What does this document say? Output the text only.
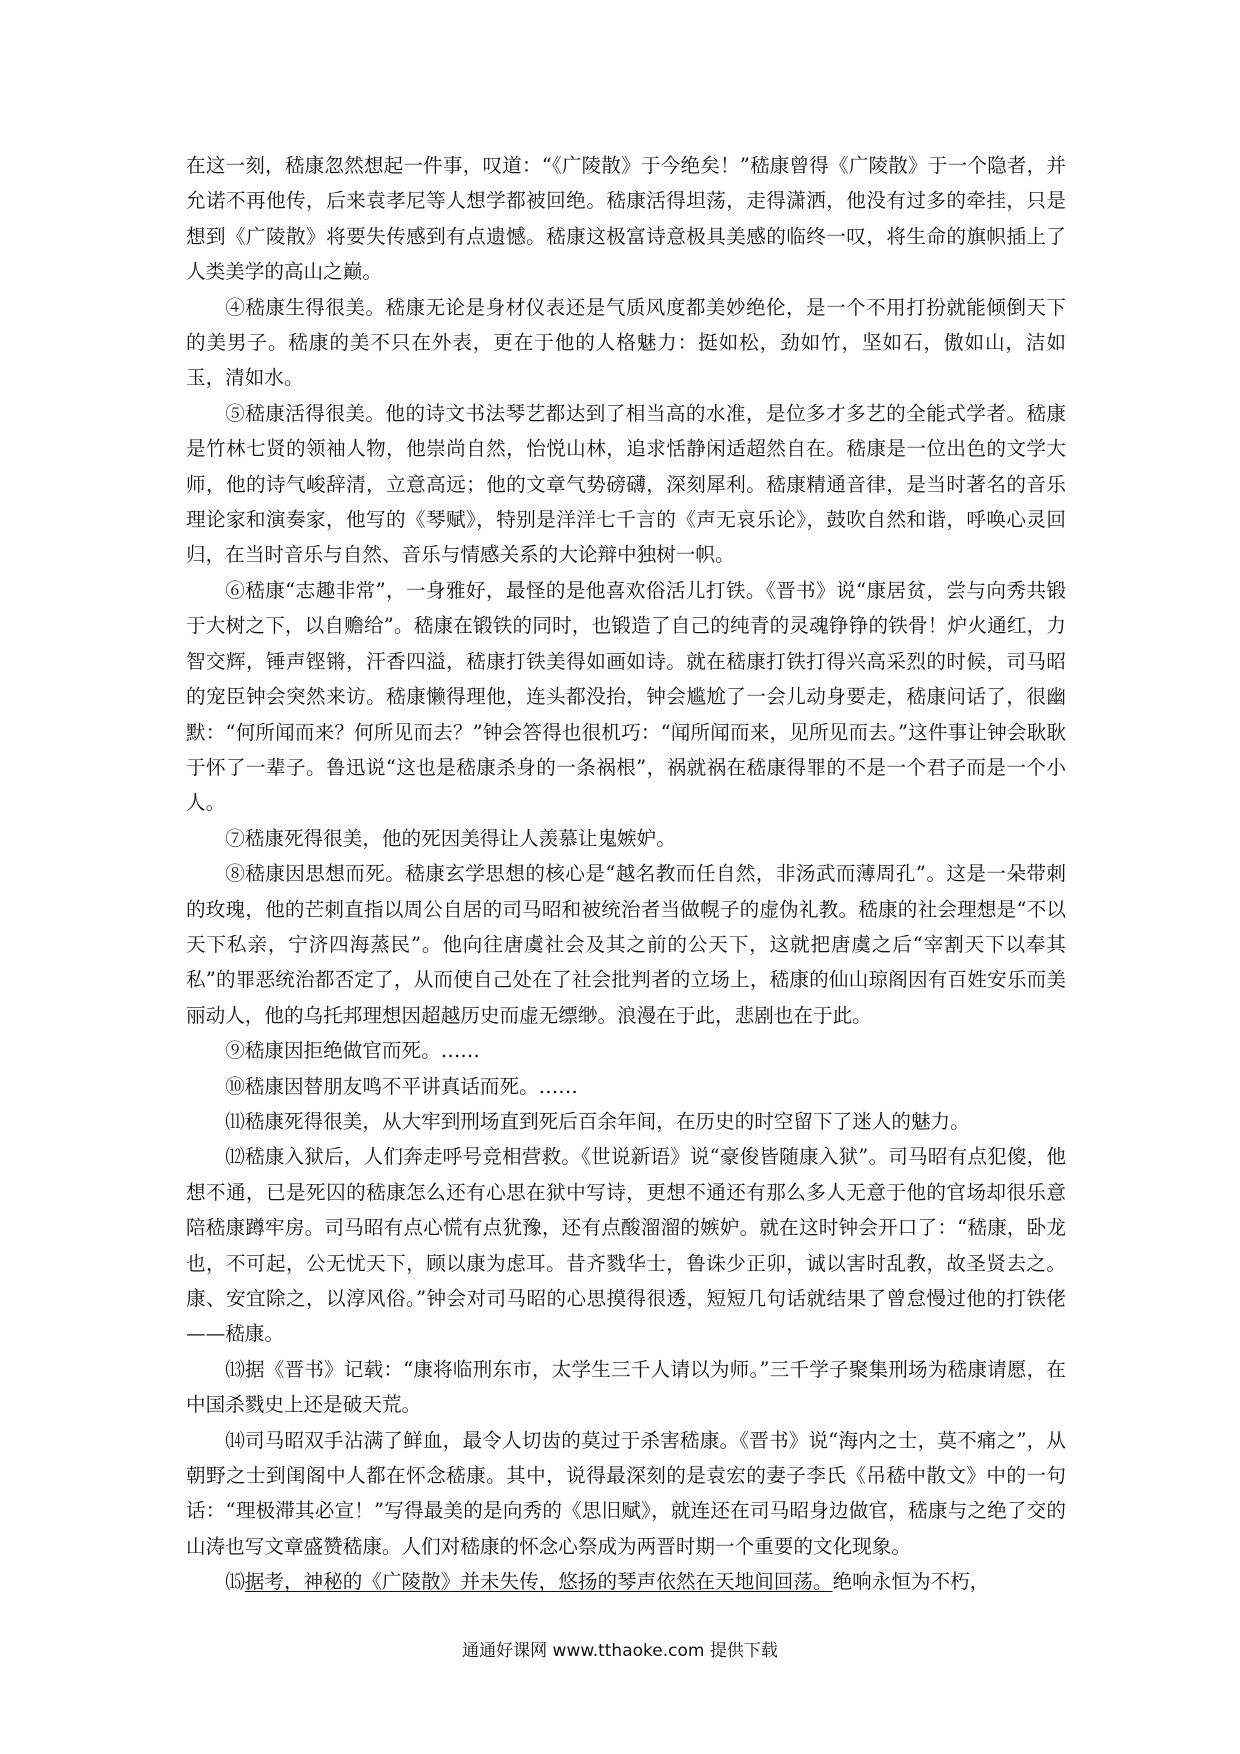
在这一刻，嵇康忽然想起一件事，叹道：“《广陵散》于今绝矣！”嵇康曾得《广陵散》于一个隐者，并允诺不再他传，后来袁孝尼等人想学都被回绝。嵇康活得坦荡，走得潇洒，他没有过多的牵挂，只是想到《广陵散》将要失传感到有点遗憾。嵇康这极富诗意极具美感的临终一叹，将生命的旗帜插上了人类美学的高山之巅。

④嵇康生得很美。嵇康无论是身材仪表还是气质风度都美妙绝伦，是一个不用打扮就能倾倒天下的美男子。嵇康的美不只在外表，更在于他的人格魅力：挺如松，劲如竹，坚如石，傲如山，洁如玉，清如水。

⑤嵇康活得很美。他的诗文书法琴艺都达到了相当高的水准，是位多才多艺的全能式学者。嵇康是竹林七贤的领袖人物，他崇尚自然，怡悦山林，追求恬静闲适超然自在。嵇康是一位出色的文学大师，他的诗气峻辞清，立意高远；他的文章气势磅礴，深刻犀利。嵇康精通音律，是当时著名的音乐理论家和演奏家，他写的《琴赋》，特别是洋洋七千言的《声无哀乐论》，鼓吹自然和谐，呼唤心灵回归，在当时音乐与自然、音乐与情感关系的大论辩中独树一帜。

⑥嵇康“志趣非常”，一身雅好，最怪的是他喜欢俗活儿打铁。《晋书》说“康居贫，尝与向秀共锻于大树之下，以自赡给”。嵇康在锻铁的同时，也锻造了自己的纯青的灵魂铮铮的铁骨！炉火通红，力智交辉，锤声铿锵，汗香四溢，嵇康打铁美得如画如诗。就在嵇康打铁打得兴高采烈的时候，司马昭的宠臣钟会突然来访。嵇康懒得理他，连头都没抬，钟会尴尬了一会儿动身要走，嵇康问话了，很幽默：“何所闻而来？何所见而去？”钟会答得也很机巧：“闻所闻而来，见所见而去。”这件事让钟会耿耿于怀了一辈子。鲁迅说“这也是嵇康杀身的一条祸根”，祸就祸在嵇康得罪的不是一个君子而是一个小人。

⑦嵇康死得很美，他的死因美得让人羡慕让鬼嫉妒。

⑧嵇康因思想而死。嵇康玄学思想的核心是“越名教而任自然，非汤武而薄周孔”。这是一朵带刺的玫瑰，他的芒刺直指以周公自居的司马昭和被统治者当做幌子的虚伪礼教。嵇康的社会理想是“不以天下私亲，宁济四海蒸民”。他向往唐虞社会及其之前的公天下，这就把唐虞之后“宰割天下以奉其私”的罪恶统治都否定了，从而使自己处在了社会批判者的立场上，嵇康的仙山琼阁因有百姓安乐而美丽动人，他的乌托邦理想因超越历史而虚无缥缈。浪漫在于此，悲剧也在于此。

⑨嵇康因拒绝做官而死。……

⑩嵇康因替朋友鸣不平讲真话而死。……

⑾嵇康死得很美，从大牢到刑场直到死后百余年间，在历史的时空留下了迷人的魅力。

⑿嵇康入狱后，人们奔走呼号竞相营救。《世说新语》说“豪俊皆随康入狱”。司马昭有点犯傻，他想不通，已是死囚的嵇康怎么还有心思在狱中写诗，更想不通还有那么多人无意于他的官场却很乐意陪嵇康蹲牢房。司马昭有点心慌有点犹豫，还有点酸溜溜的嫉妒。就在这时钟会开口了：“嵇康，卧龙也，不可起，公无忧天下，顾以康为虑耳。昔齐戮华士，鲁诛少正卯，诚以害时乱教，故圣贤去之。康、安宜除之，以淳风俗。”钟会对司马昭的心思摸得很透，短短几句话就结果了曾怠慢过他的打铁佬——嵇康。

⒀据《晋书》记载：“康将临刑东市，太学生三千人请以为师。”三千学子聚集刑场为嵇康请愿，在中国杀戮史上还是破天荒。

⒁司马昭双手沾满了鲜血，最令人切齿的莫过于杀害嵇康。《晋书》说“海内之士，莫不痛之”，从朝野之士到闺阁中人都在怀念嵇康。其中，说得最深刻的是袁宏的妻子李氏《吊嵇中散文》中的一句话：“理极滞其必宣！”写得最美的是向秀的《思旧赋》，就连还在司马昭身边做官，嵇康与之绝了交的山涛也写文章盛赞嵇康。人们对嵇康的怀念心祭成为两晋时期一个重要的文化现象。

⒂据考，神秘的《广陵散》并未失传，悠扬的琴声依然在天地间回荡。绝响永恒为不朽，

通通好课网 www.tthaoke.com 提供下载
